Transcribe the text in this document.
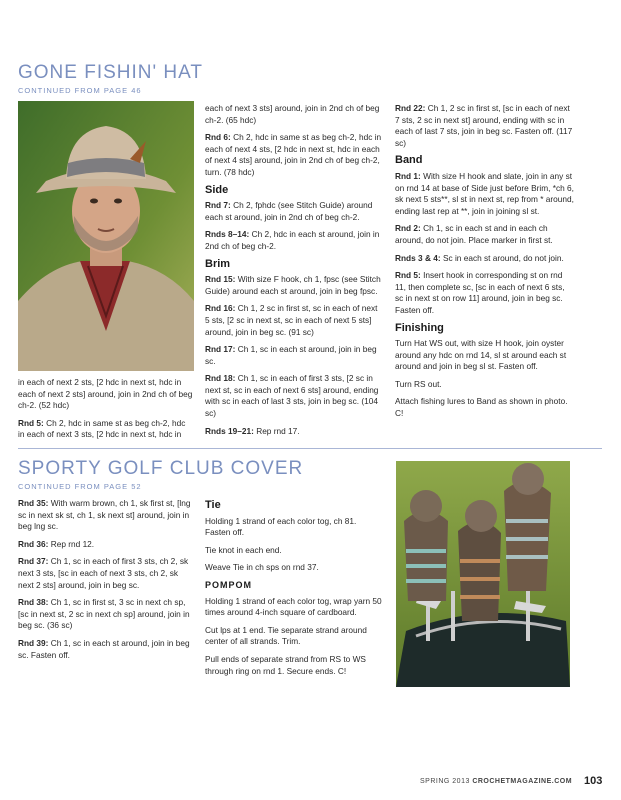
GONE FISHIN' HAT
CONTINUED FROM PAGE 46

in each of next 2 sts, [2 hdc in next st, hdc in each of next 2 sts] around, join in 2nd ch of beg ch-2. (52 hdc)

Rnd 5: Ch 2, hdc in same st as beg ch-2, hdc in each of next 3 sts, [2 hdc in next st, hdc in

each of next 3 sts] around, join in 2nd ch of beg ch-2. (65 hdc)

Rnd 6: Ch 2, hdc in same st as beg ch-2, hdc in each of next 4 sts, [2 hdc in next st, hdc in each of next 4 sts] around, join in 2nd ch of beg ch-2, turn. (78 hdc)

Side

Rnd 7: Ch 2, fphdc (see Stitch Guide) around each st around, join in 2nd ch of beg ch-2.

Rnds 8–14: Ch 2, hdc in each st around, join in 2nd ch of beg ch-2.

Brim

Rnd 15: With size F hook, ch 1, fpsc (see Stitch Guide) around each st around, join in beg fpsc.

Rnd 16: Ch 1, 2 sc in first st, sc in each of next 5 sts, [2 sc in next st, sc in each of next 5 sts] around, join in beg sc. (91 sc)

Rnd 17: Ch 1, sc in each st around, join in beg sc.

Rnd 18: Ch 1, sc in each of first 3 sts, [2 sc in next st, sc in each of next 6 sts] around, ending with sc in each of last 3 sts, join in beg sc. (104 sc)

Rnds 19–21: Rep rnd 17.

Rnd 22: Ch 1, 2 sc in first st, [sc in each of next 7 sts, 2 sc in next st] around, ending with sc in each of last 7 sts, join in beg sc. Fasten off. (117 sc)

Band

Rnd 1: With size H hook and slate, join in any st on rnd 14 at base of Side just before Brim, *ch 6, sk next 5 sts**, sl st in next st, rep from * around, ending last rep at **, join in joining sl st.

Rnd 2: Ch 1, sc in each st and in each ch around, do not join. Place marker in first st.

Rnds 3 & 4: Sc in each st around, do not join.

Rnd 5: Insert hook in corresponding st on rnd 11, then complete sc, [sc in each of next 6 sts, sc in next st on row 11] around, join in beg sc. Fasten off.

Finishing

Turn Hat WS out, with size H hook, join oyster around any hdc on rnd 14, sl st around each st around and join in beg sl st. Fasten off.

Turn RS out.

Attach fishing lures to Band as shown in photo. C!

SPORTY GOLF CLUB COVER
CONTINUED FROM PAGE 52

Rnd 35: With warm brown, ch 1, sk first st, [lng sc in next sk st, ch 1, sk next st] around, join in beg lng sc.

Rnd 36: Rep rnd 12.

Rnd 37: Ch 1, sc in each of first 3 sts, ch 2, sk next 3 sts, [sc in each of next 3 sts, ch 2, sk next 2 sts] around, join in beg sc.

Rnd 38: Ch 1, sc in first st, 3 sc in next ch sp, [sc in next st, 2 sc in next ch sp] around, join in beg sc. (36 sc)

Rnd 39: Ch 1, sc in each st around, join in beg sc. Fasten off.

Tie

Holding 1 strand of each color tog, ch 81. Fasten off.

Tie knot in each end.

Weave Tie in ch sps on rnd 37.

POMPOM

Holding 1 strand of each color tog, wrap yarn 50 times around 4-inch square of cardboard.

Cut lps at 1 end. Tie separate strand around center of all strands. Trim.

Pull ends of separate strand from RS to WS through ring on rnd 1. Secure ends. C!

SPRING 2013 CROCHETMAGAZINE.COM 103
